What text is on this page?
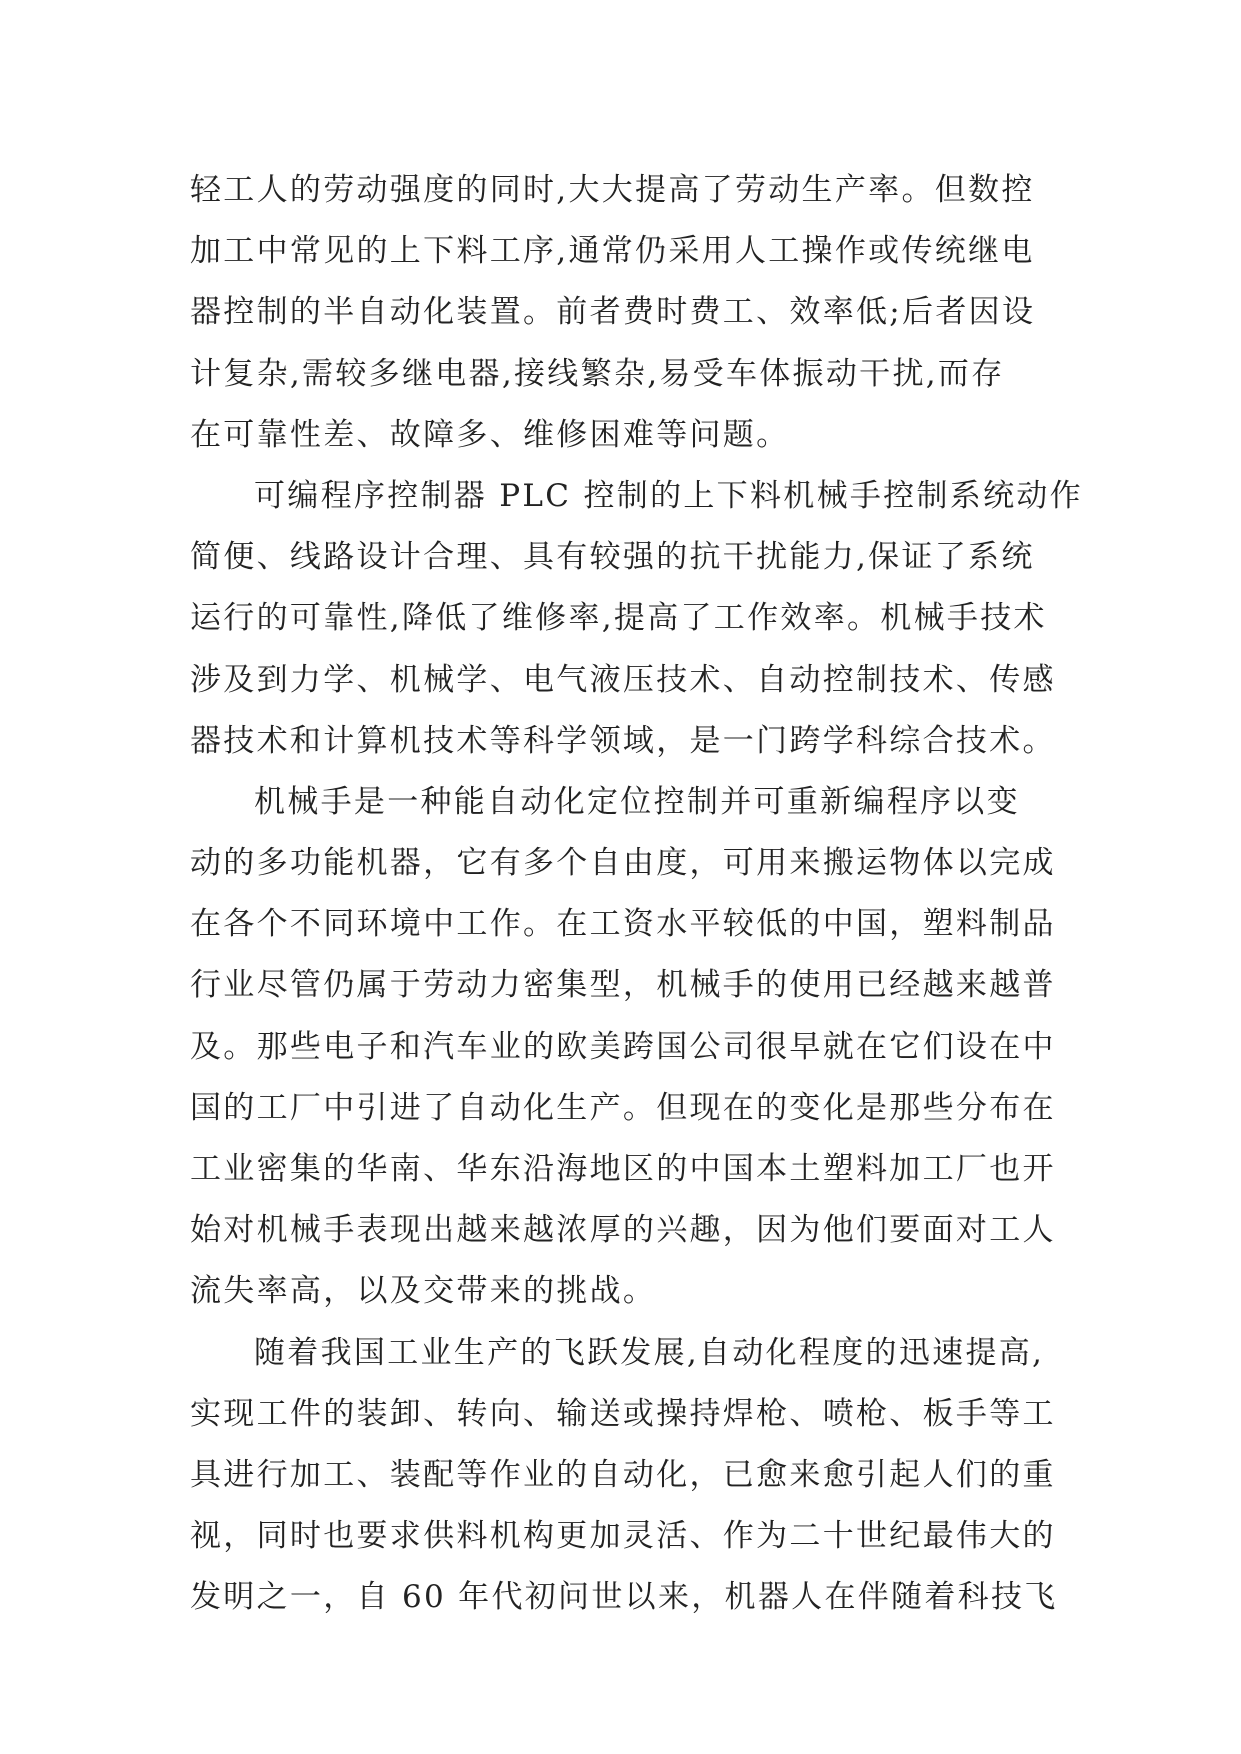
轻工人的劳动强度的同时,大大提高了劳动生产率。但数控
加工中常见的上下料工序,通常仍采用人工操作或传统继电
器控制的半自动化装置。前者费时费工、效率低;后者因设
计复杂,需较多继电器,接线繁杂,易受车体振动干扰,而存
在可靠性差、故障多、维修困难等问题。
可编程序控制器 PLC 控制的上下料机械手控制系统动作
简便、线路设计合理、具有较强的抗干扰能力,保证了系统
运行的可靠性,降低了维修率,提高了工作效率。机械手技术
涉及到力学、机械学、电气液压技术、自动控制技术、传感
器技术和计算机技术等科学领域，是一门跨学科综合技术。
机械手是一种能自动化定位控制并可重新编程序以变
动的多功能机器，它有多个自由度，可用来搬运物体以完成
在各个不同环境中工作。在工资水平较低的中国，塑料制品
行业尽管仍属于劳动力密集型，机械手的使用已经越来越普
及。那些电子和汽车业的欧美跨国公司很早就在它们设在中
国的工厂中引进了自动化生产。但现在的变化是那些分布在
工业密集的华南、华东沿海地区的中国本土塑料加工厂也开
始对机械手表现出越来越浓厚的兴趣，因为他们要面对工人
流失率高，以及交带来的挑战。
随着我国工业生产的飞跃发展,自动化程度的迅速提高,
实现工件的装卸、转向、输送或操持焊枪、喷枪、板手等工
具进行加工、装配等作业的自动化，已愈来愈引起人们的重
视，同时也要求供料机构更加灵活、作为二十世纪最伟大的
发明之一，自 60 年代初问世以来，机器人在伴随着科技飞
